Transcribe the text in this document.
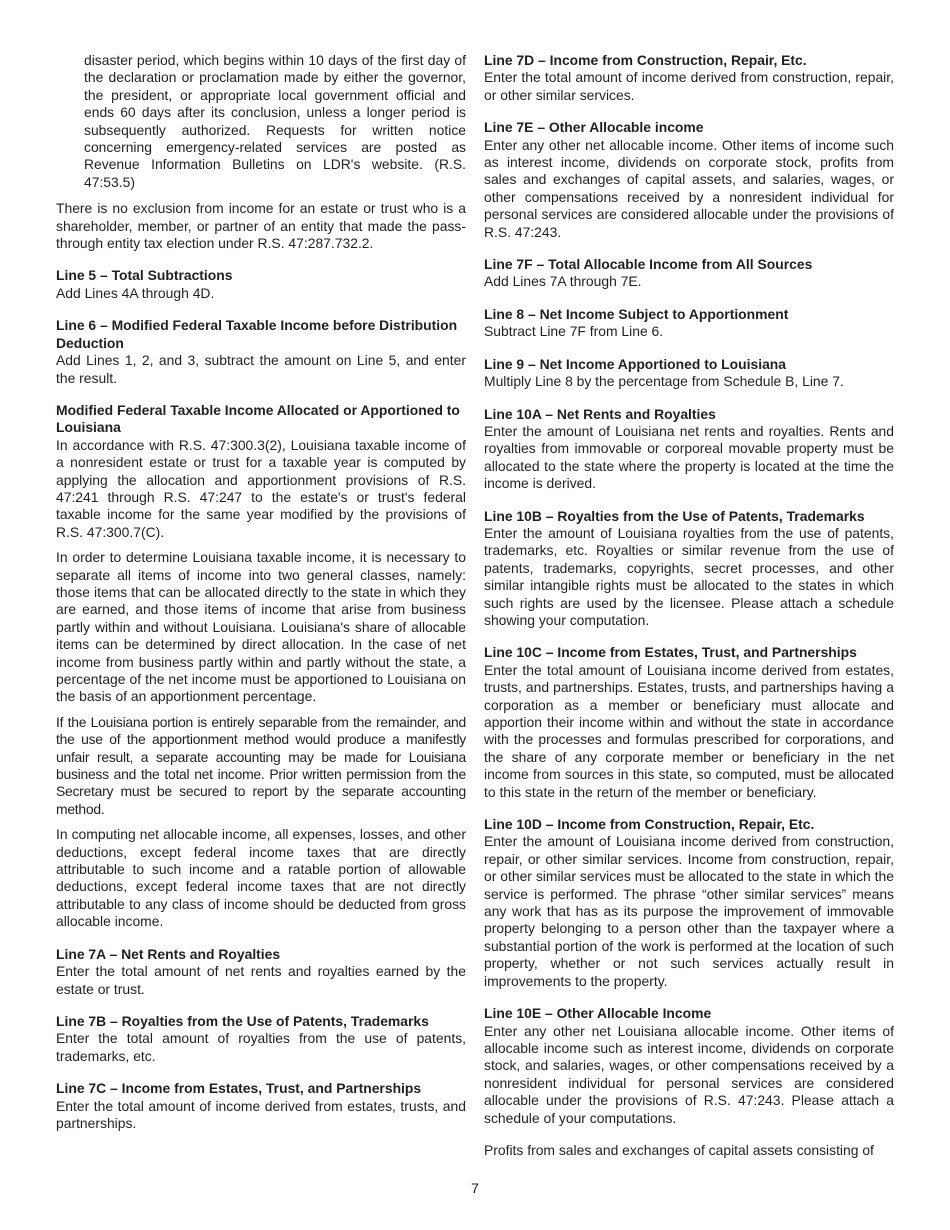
disaster period, which begins within 10 days of the first day of the declaration or proclamation made by either the governor, the president, or appropriate local government official and ends 60 days after its conclusion, unless a longer period is subsequently authorized. Requests for written notice concerning emergency-related services are posted as Revenue Information Bulletins on LDR's website. (R.S. 47:53.5)

There is no exclusion from income for an estate or trust who is a shareholder, member, or partner of an entity that made the pass-through entity tax election under R.S. 47:287.732.2.

Line 5 – Total Subtractions

Add Lines 4A through 4D.

Line 6 – Modified Federal Taxable Income before Distribution Deduction

Add Lines 1, 2, and 3, subtract the amount on Line 5, and enter the result.

Modified Federal Taxable Income Allocated or Apportioned to Louisiana

In accordance with R.S. 47:300.3(2), Louisiana taxable income of a nonresident estate or trust for a taxable year is computed by applying the allocation and apportionment provisions of R.S. 47:241 through R.S. 47:247 to the estate's or trust's federal taxable income for the same year modified by the provisions of R.S. 47:300.7(C).

In order to determine Louisiana taxable income, it is necessary to separate all items of income into two general classes, namely: those items that can be allocated directly to the state in which they are earned, and those items of income that arise from business partly within and without Louisiana. Louisiana's share of allocable items can be determined by direct allocation. In the case of net income from business partly within and partly without the state, a percentage of the net income must be apportioned to Louisiana on the basis of an apportionment percentage.

If the Louisiana portion is entirely separable from the remainder, and the use of the apportionment method would produce a manifestly unfair result, a separate accounting may be made for Louisiana business and the total net income. Prior written permission from the Secretary must be secured to report by the separate accounting method.

In computing net allocable income, all expenses, losses, and other deductions, except federal income taxes that are directly attributable to such income and a ratable portion of allowable deductions, except federal income taxes that are not directly attributable to any class of income should be deducted from gross allocable income.

Line 7A – Net Rents and Royalties

Enter the total amount of net rents and royalties earned by the estate or trust.

Line 7B – Royalties from the Use of Patents, Trademarks

Enter the total amount of royalties from the use of patents, trademarks, etc.

Line 7C – Income from Estates, Trust, and Partnerships

Enter the total amount of income derived from estates, trusts, and partnerships.

Line 7D – Income from Construction, Repair, Etc.

Enter the total amount of income derived from construction, repair, or other similar services.

Line 7E – Other Allocable income

Enter any other net allocable income. Other items of income such as interest income, dividends on corporate stock, profits from sales and exchanges of capital assets, and salaries, wages, or other compensations received by a nonresident individual for personal services are considered allocable under the provisions of R.S. 47:243.

Line 7F – Total Allocable Income from All Sources

Add Lines 7A through 7E.

Line 8 – Net Income Subject to Apportionment

Subtract Line 7F from Line 6.

Line 9 – Net Income Apportioned to Louisiana

Multiply Line 8 by the percentage from Schedule B, Line 7.

Line 10A – Net Rents and Royalties

Enter the amount of Louisiana net rents and royalties. Rents and royalties from immovable or corporeal movable property must be allocated to the state where the property is located at the time the income is derived.

Line 10B – Royalties from the Use of Patents, Trademarks

Enter the amount of Louisiana royalties from the use of patents, trademarks, etc. Royalties or similar revenue from the use of patents, trademarks, copyrights, secret processes, and other similar intangible rights must be allocated to the states in which such rights are used by the licensee. Please attach a schedule showing your computation.

Line 10C – Income from Estates, Trust, and Partnerships

Enter the total amount of Louisiana income derived from estates, trusts, and partnerships. Estates, trusts, and partnerships having a corporation as a member or beneficiary must allocate and apportion their income within and without the state in accordance with the processes and formulas prescribed for corporations, and the share of any corporate member or beneficiary in the net income from sources in this state, so computed, must be allocated to this state in the return of the member or beneficiary.

Line 10D – Income from Construction, Repair, Etc.

Enter the amount of Louisiana income derived from construction, repair, or other similar services. Income from construction, repair, or other similar services must be allocated to the state in which the service is performed. The phrase “other similar services” means any work that has as its purpose the improvement of immovable property belonging to a person other than the taxpayer where a substantial portion of the work is performed at the location of such property, whether or not such services actually result in improvements to the property.

Line 10E – Other Allocable Income

Enter any other net Louisiana allocable income. Other items of allocable income such as interest income, dividends on corporate stock, and salaries, wages, or other compensations received by a nonresident individual for personal services are considered allocable under the provisions of R.S. 47:243. Please attach a schedule of your computations.

Profits from sales and exchanges of capital assets consisting of

7
